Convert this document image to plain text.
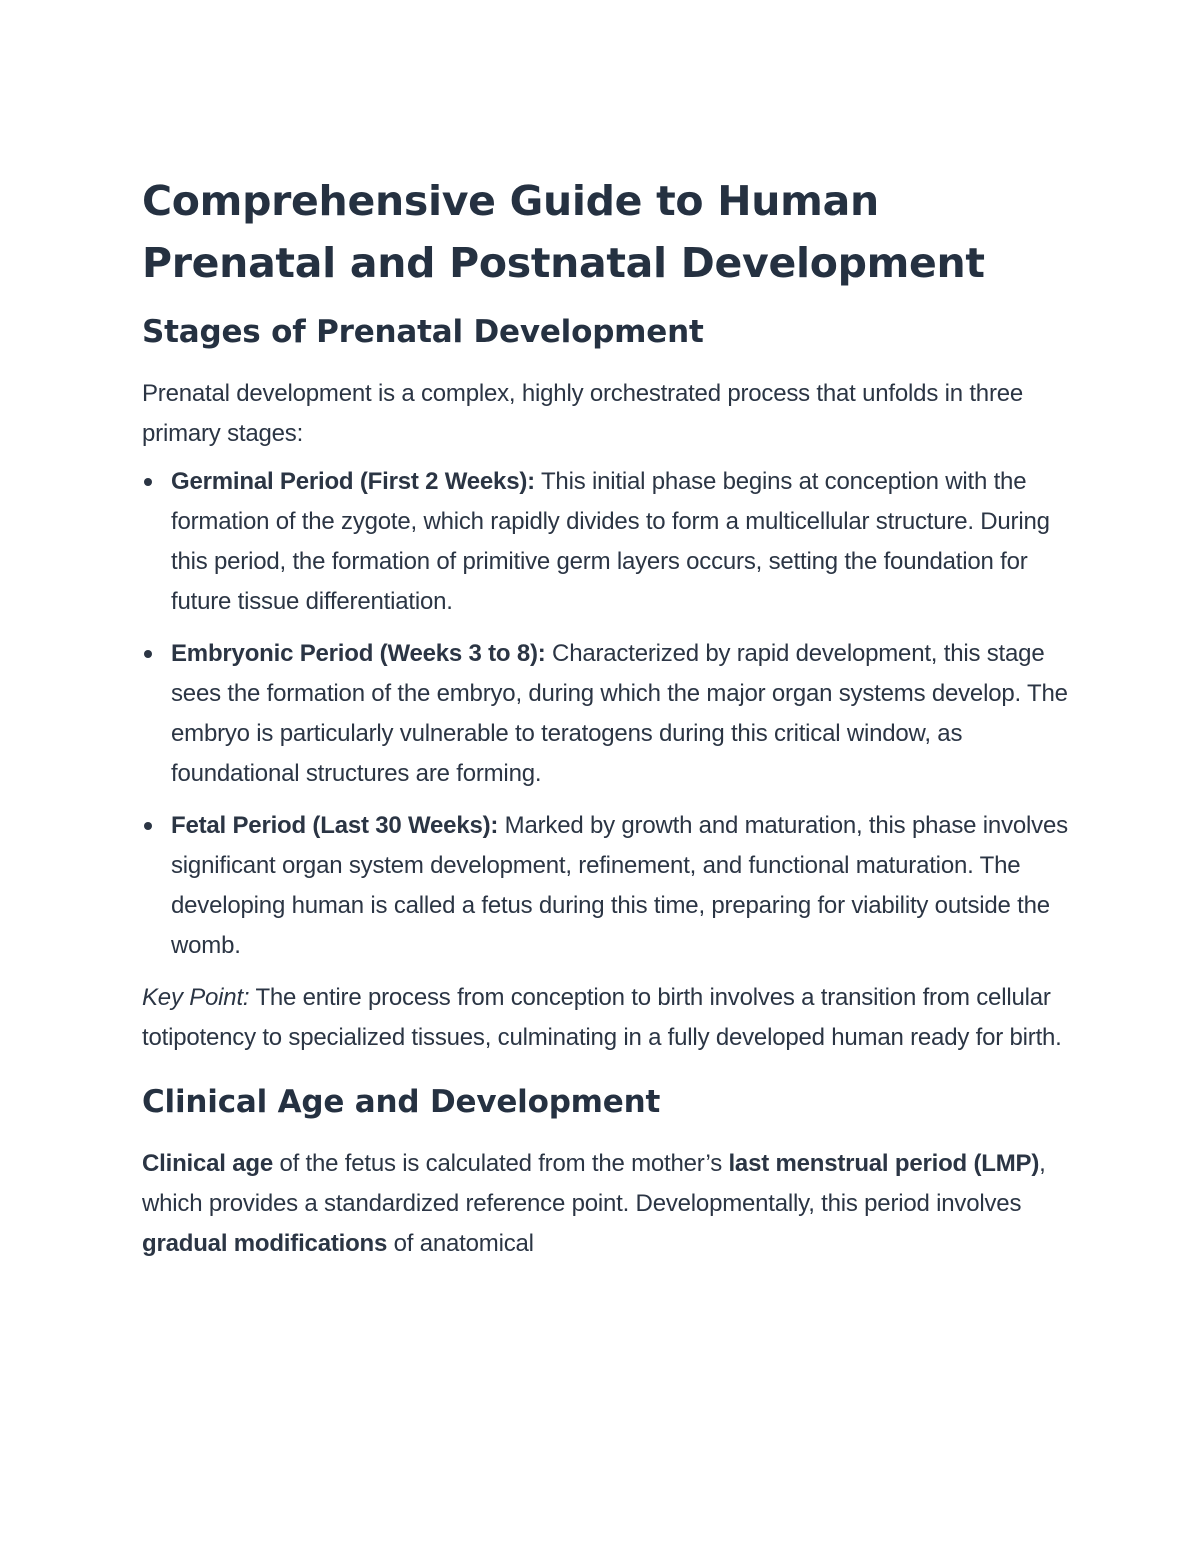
Comprehensive Guide to Human Prenatal and Postnatal Development
Stages of Prenatal Development

Prenatal development is a complex, highly orchestrated process that unfolds in three primary stages:

Germinal Period (First 2 Weeks): This initial phase begins at conception with the formation of the zygote, which rapidly divides to form a multicellular structure. During this period, the formation of primitive germ layers occurs, setting the foundation for future tissue differentiation.
Embryonic Period (Weeks 3 to 8): Characterized by rapid development, this stage sees the formation of the embryo, during which the major organ systems develop. The embryo is particularly vulnerable to teratogens during this critical window, as foundational structures are forming.
Fetal Period (Last 30 Weeks): Marked by growth and maturation, this phase involves significant organ system development, refinement, and functional maturation. The developing human is called a fetus during this time, preparing for viability outside the womb.

Key Point: The entire process from conception to birth involves a transition from cellular totipotency to specialized tissues, culminating in a fully developed human ready for birth.

Clinical Age and Development

Clinical age of the fetus is calculated from the mother’s last menstrual period (LMP), which provides a standardized reference point. Developmentally, this period involves gradual modifications of anatomical
